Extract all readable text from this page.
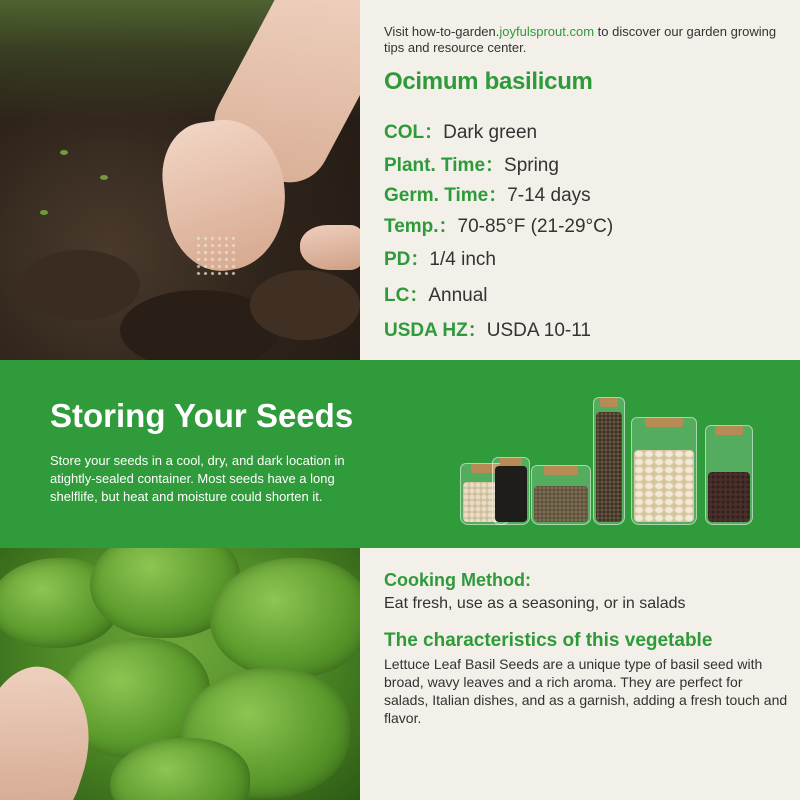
Visit how-to-garden.joyfulsprout.com to discover our garden growing tips and resource center.
Ocimum basilicum
COL：Dark green
Plant. Time：Spring
Germ. Time：7-14 days
Temp.：70-85°F (21-29°C)
PD：1/4 inch
LC：Annual
USDA HZ：USDA 10-11
Storing Your Seeds
Store your seeds in a cool, dry, and dark location in atightly-sealed container. Most seeds have a long shelflife, but heat and moisture could shorten it.
Cooking Method:
Eat fresh, use as a seasoning, or in salads
The characteristics of this vegetable
Lettuce Leaf Basil Seeds are a unique type of basil seed with broad, wavy leaves and a rich aroma. They are perfect for salads, Italian dishes, and as a garnish, adding a fresh touch and flavor.
